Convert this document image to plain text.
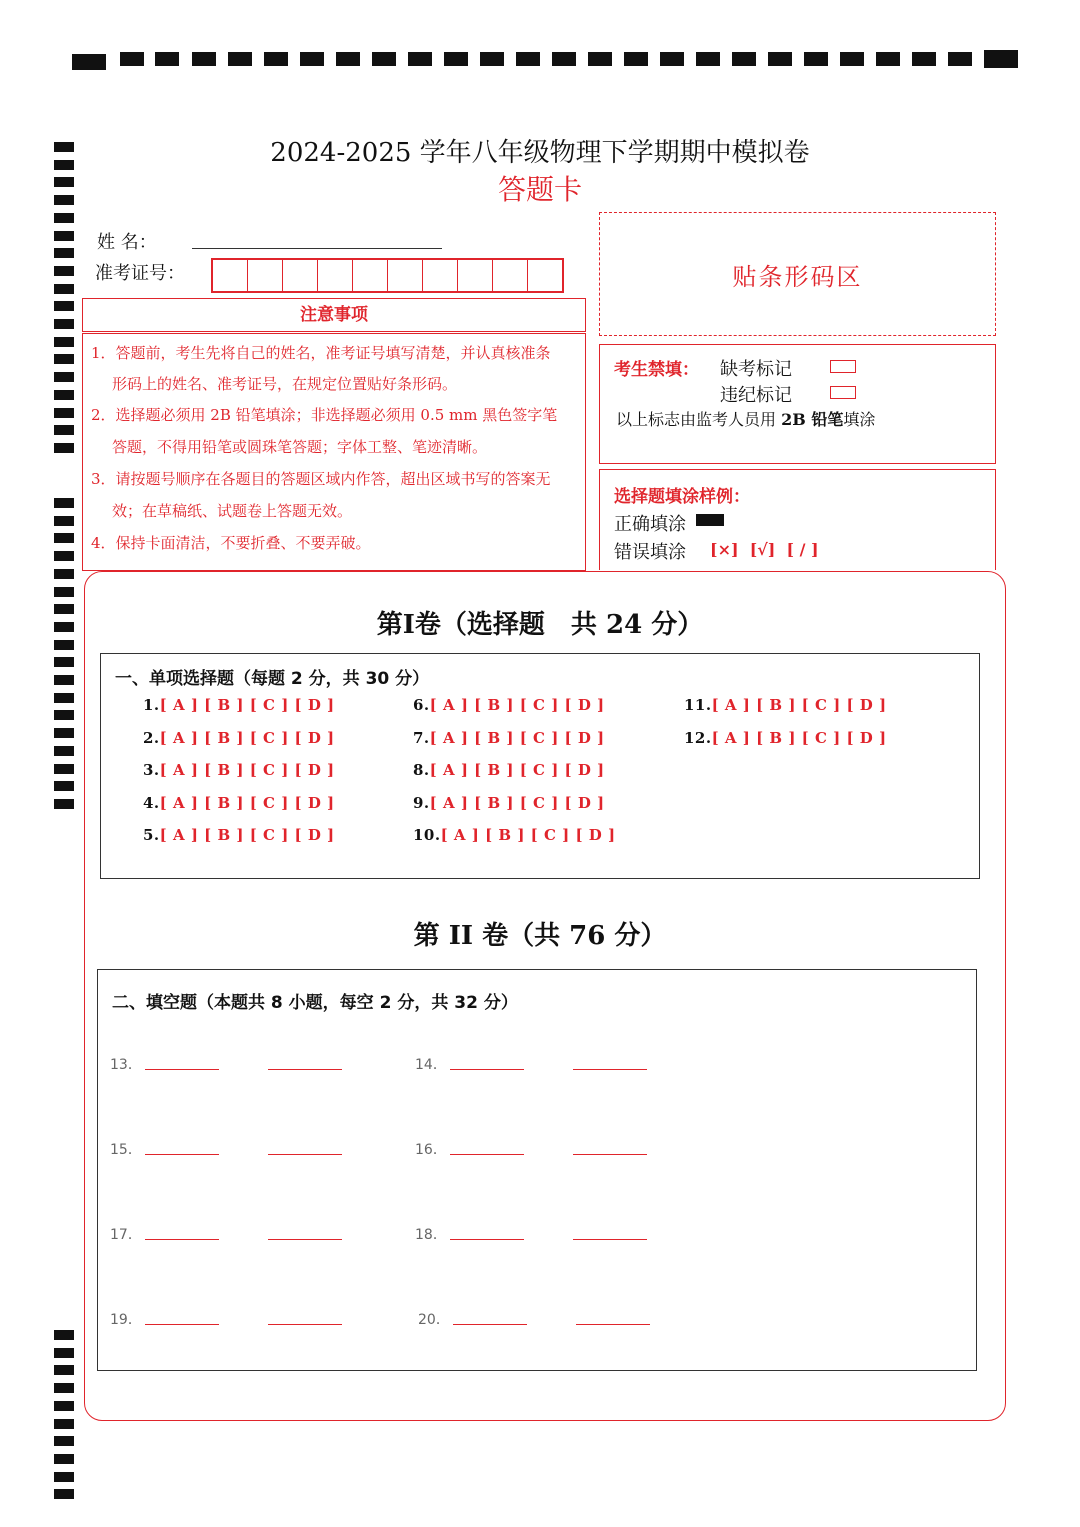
2024-2025 学年八年级物理下学期期中模拟卷
答题卡
姓 名：
准考证号：
注意事项
1．答题前，考生先将自己的姓名，准考证号填写清楚，并认真核准条
形码上的姓名、准考证号，在规定位置贴好条形码。
2．选择题必须用 2B 铅笔填涂；非选择题必须用 0.5 mm 黑色签字笔
答题，不得用铅笔或圆珠笔答题；字体工整、笔迹清晰。
3．请按题号顺序在各题目的答题区域内作答，超出区域书写的答案无
效；在草稿纸、试题卷上答题无效。
4．保持卡面清洁，不要折叠、不要弄破。
贴条形码区
考生禁填： 缺考标记
违纪标记
以上标志由监考人员用 2B 铅笔填涂
选择题填涂样例：
正确填涂
错误填涂 [×]  [√]  [ / ]
第Ⅰ卷（选择题　共 24 分）
一、单项选择题（每题 2 分，共 30 分）
1.[ A ] [ B ] [ C ] [ D ]
2.[ A ] [ B ] [ C ] [ D ]
3.[ A ] [ B ] [ C ] [ D ]
4.[ A ] [ B ] [ C ] [ D ]
5.[ A ] [ B ] [ C ] [ D ]
6.[ A ] [ B ] [ C ] [ D ]
7.[ A ] [ B ] [ C ] [ D ]
8.[ A ] [ B ] [ C ] [ D ]
9.[ A ] [ B ] [ C ] [ D ]
10.[ A ] [ B ] [ C ] [ D ]
11.[ A ] [ B ] [ C ] [ D ]
12.[ A ] [ B ] [ C ] [ D ]
第 II 卷（共 76 分）
二、填空题（本题共 8 小题，每空 2 分，共 32 分）
13．	14．
15．	16．
17．	18．
19．	20．
